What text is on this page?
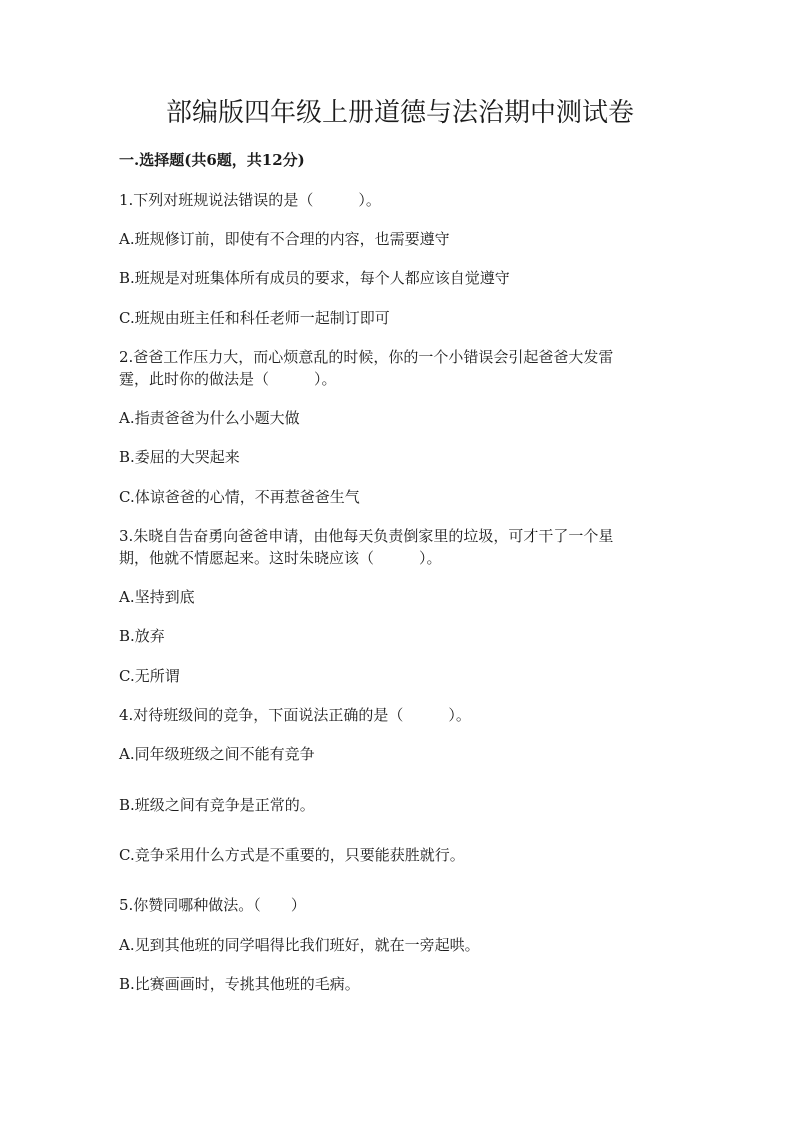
部编版四年级上册道德与法治期中测试卷
一.选择题(共6题，共12分)
1.下列对班规说法错误的是（　　　）。
A.班规修订前，即使有不合理的内容，也需要遵守
B.班规是对班集体所有成员的要求，每个人都应该自觉遵守
C.班规由班主任和科任老师一起制订即可
2.爸爸工作压力大，而心烦意乱的时候，你的一个小错误会引起爸爸大发雷
霆，此时你的做法是（　　　）。
A.指责爸爸为什么小题大做
B.委屈的大哭起来
C.体谅爸爸的心情，不再惹爸爸生气
3.朱晓自告奋勇向爸爸申请，由他每天负责倒家里的垃圾，可才干了一个星
期，他就不情愿起来。这时朱晓应该（　　　）。
A.坚持到底
B.放弃
C.无所谓
4.对待班级间的竞争，下面说法正确的是（　　　）。
A.同年级班级之间不能有竞争
B.班级之间有竞争是正常的。
C.竞争采用什么方式是不重要的，只要能获胜就行。
5.你赞同哪种做法。（　　）
A.见到其他班的同学唱得比我们班好，就在一旁起哄。
B.比赛画画时，专挑其他班的毛病。
